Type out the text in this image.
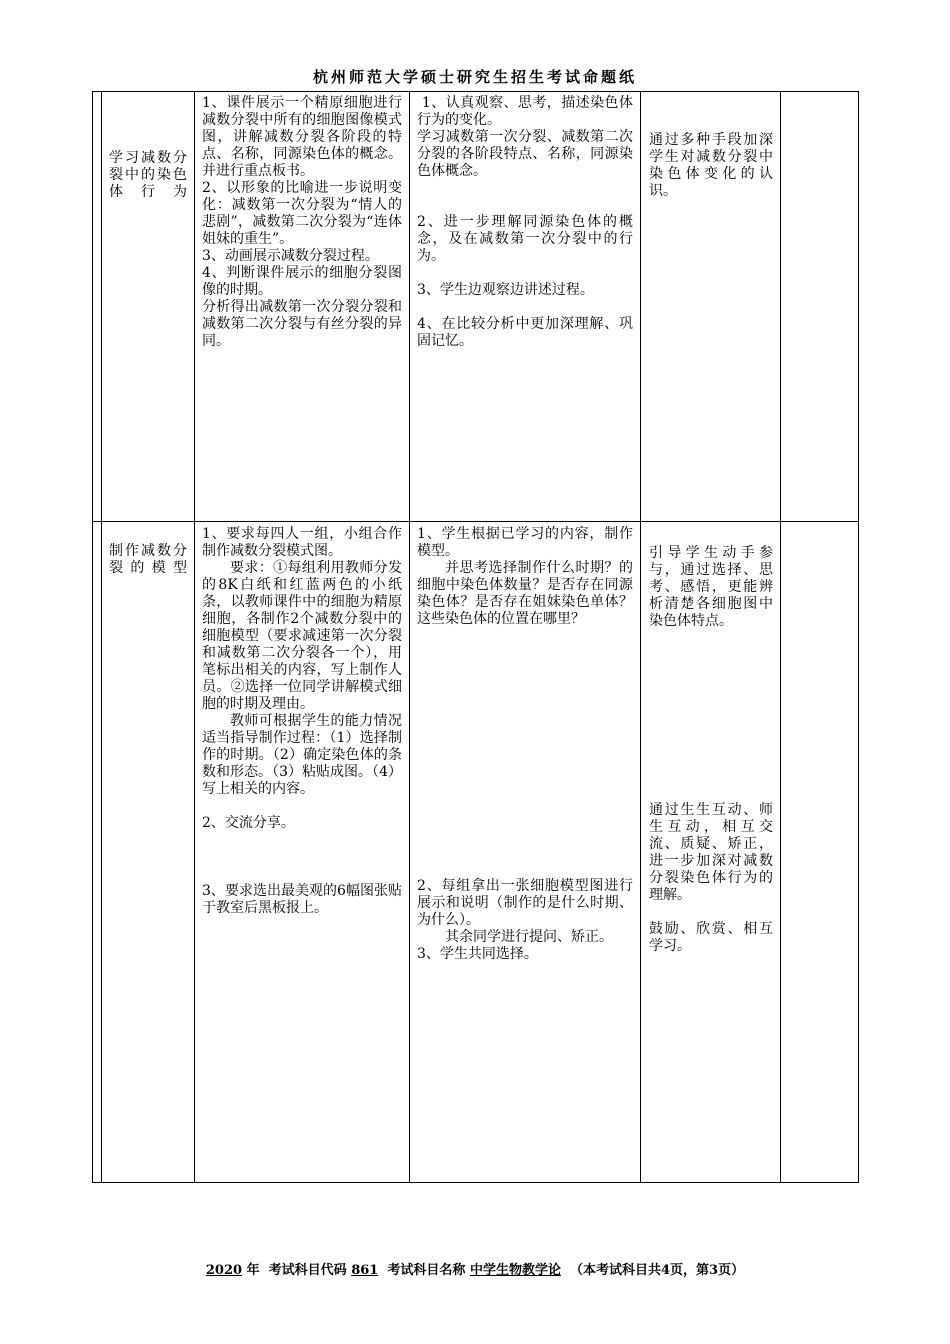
杭州师范大学硕士研究生招生考试命题纸
学习减数分裂中的染色体行为

1、课件展示一个精原细胞进行减数分裂中所有的细胞图像模式图，讲解减数分裂各阶段的特点、名称，同源染色体的概念。并进行重点板书。

2、以形象的比喻进一步说明变化：减数第一次分裂为“情人的悲剧”，减数第二次分裂为“连体姐妹的重生”。

3、动画展示减数分裂过程。

4、判断课件展示的细胞分裂图像的时期。

分析得出减数第一次分裂分裂和减数第二次分裂与有丝分裂的异同。

1、认真观察、思考，描述染色体行为的变化。

学习减数第一次分裂、减数第二次分裂的各阶段特点、名称，同源染色体概念。

2、进一步理解同源染色体的概念，及在减数第一次分裂中的行为。

3、学生边观察边讲述过程。

4、在比较分析中更加深理解、巩固记忆。

通过多种手段加深学生对减数分裂中染色体变化的认识。

制作减数分裂的模型

1、要求每四人一组，小组合作制作减数分裂模式图。

要求：①每组利用教师分发的8K白纸和红蓝两色的小纸条，以教师课件中的细胞为精原细胞，各制作2个减数分裂中的细胞模型（要求减速第一次分裂和减数第二次分裂各一个），用笔标出相关的内容，写上制作人员。②选择一位同学讲解模式细胞的时期及理由。

教师可根据学生的能力情况适当指导制作过程：（1）选择制作的时期。（2）确定染色体的条数和形态。（3）粘贴成图。（4）写上相关的内容。

2、交流分享。

3、要求选出最美观的6幅图张贴于教室后黑板报上。

1、学生根据已学习的内容，制作模型。

并思考选择制作什么时期？的细胞中染色体数量？是否存在同源染色体？是否存在姐妹染色单体？这些染色体的位置在哪里？

2、每组拿出一张细胞模型图进行展示和说明（制作的是什么时期、为什么）。

其余同学进行提问、矫正。

3、学生共同选择。

引导学生动手参与，通过选择、思考、感悟，更能辨析清楚各细胞图中染色体特点。

通过生生互动、师生互动，相互交流、质疑、矫正，进一步加深对减数分裂染色体行为的理解。

鼓励、欣赏、相互学习。

2020 年  考试科目代码 861 考试科目名称 中学生物教学论 （本考试科目共4页，第3页）
